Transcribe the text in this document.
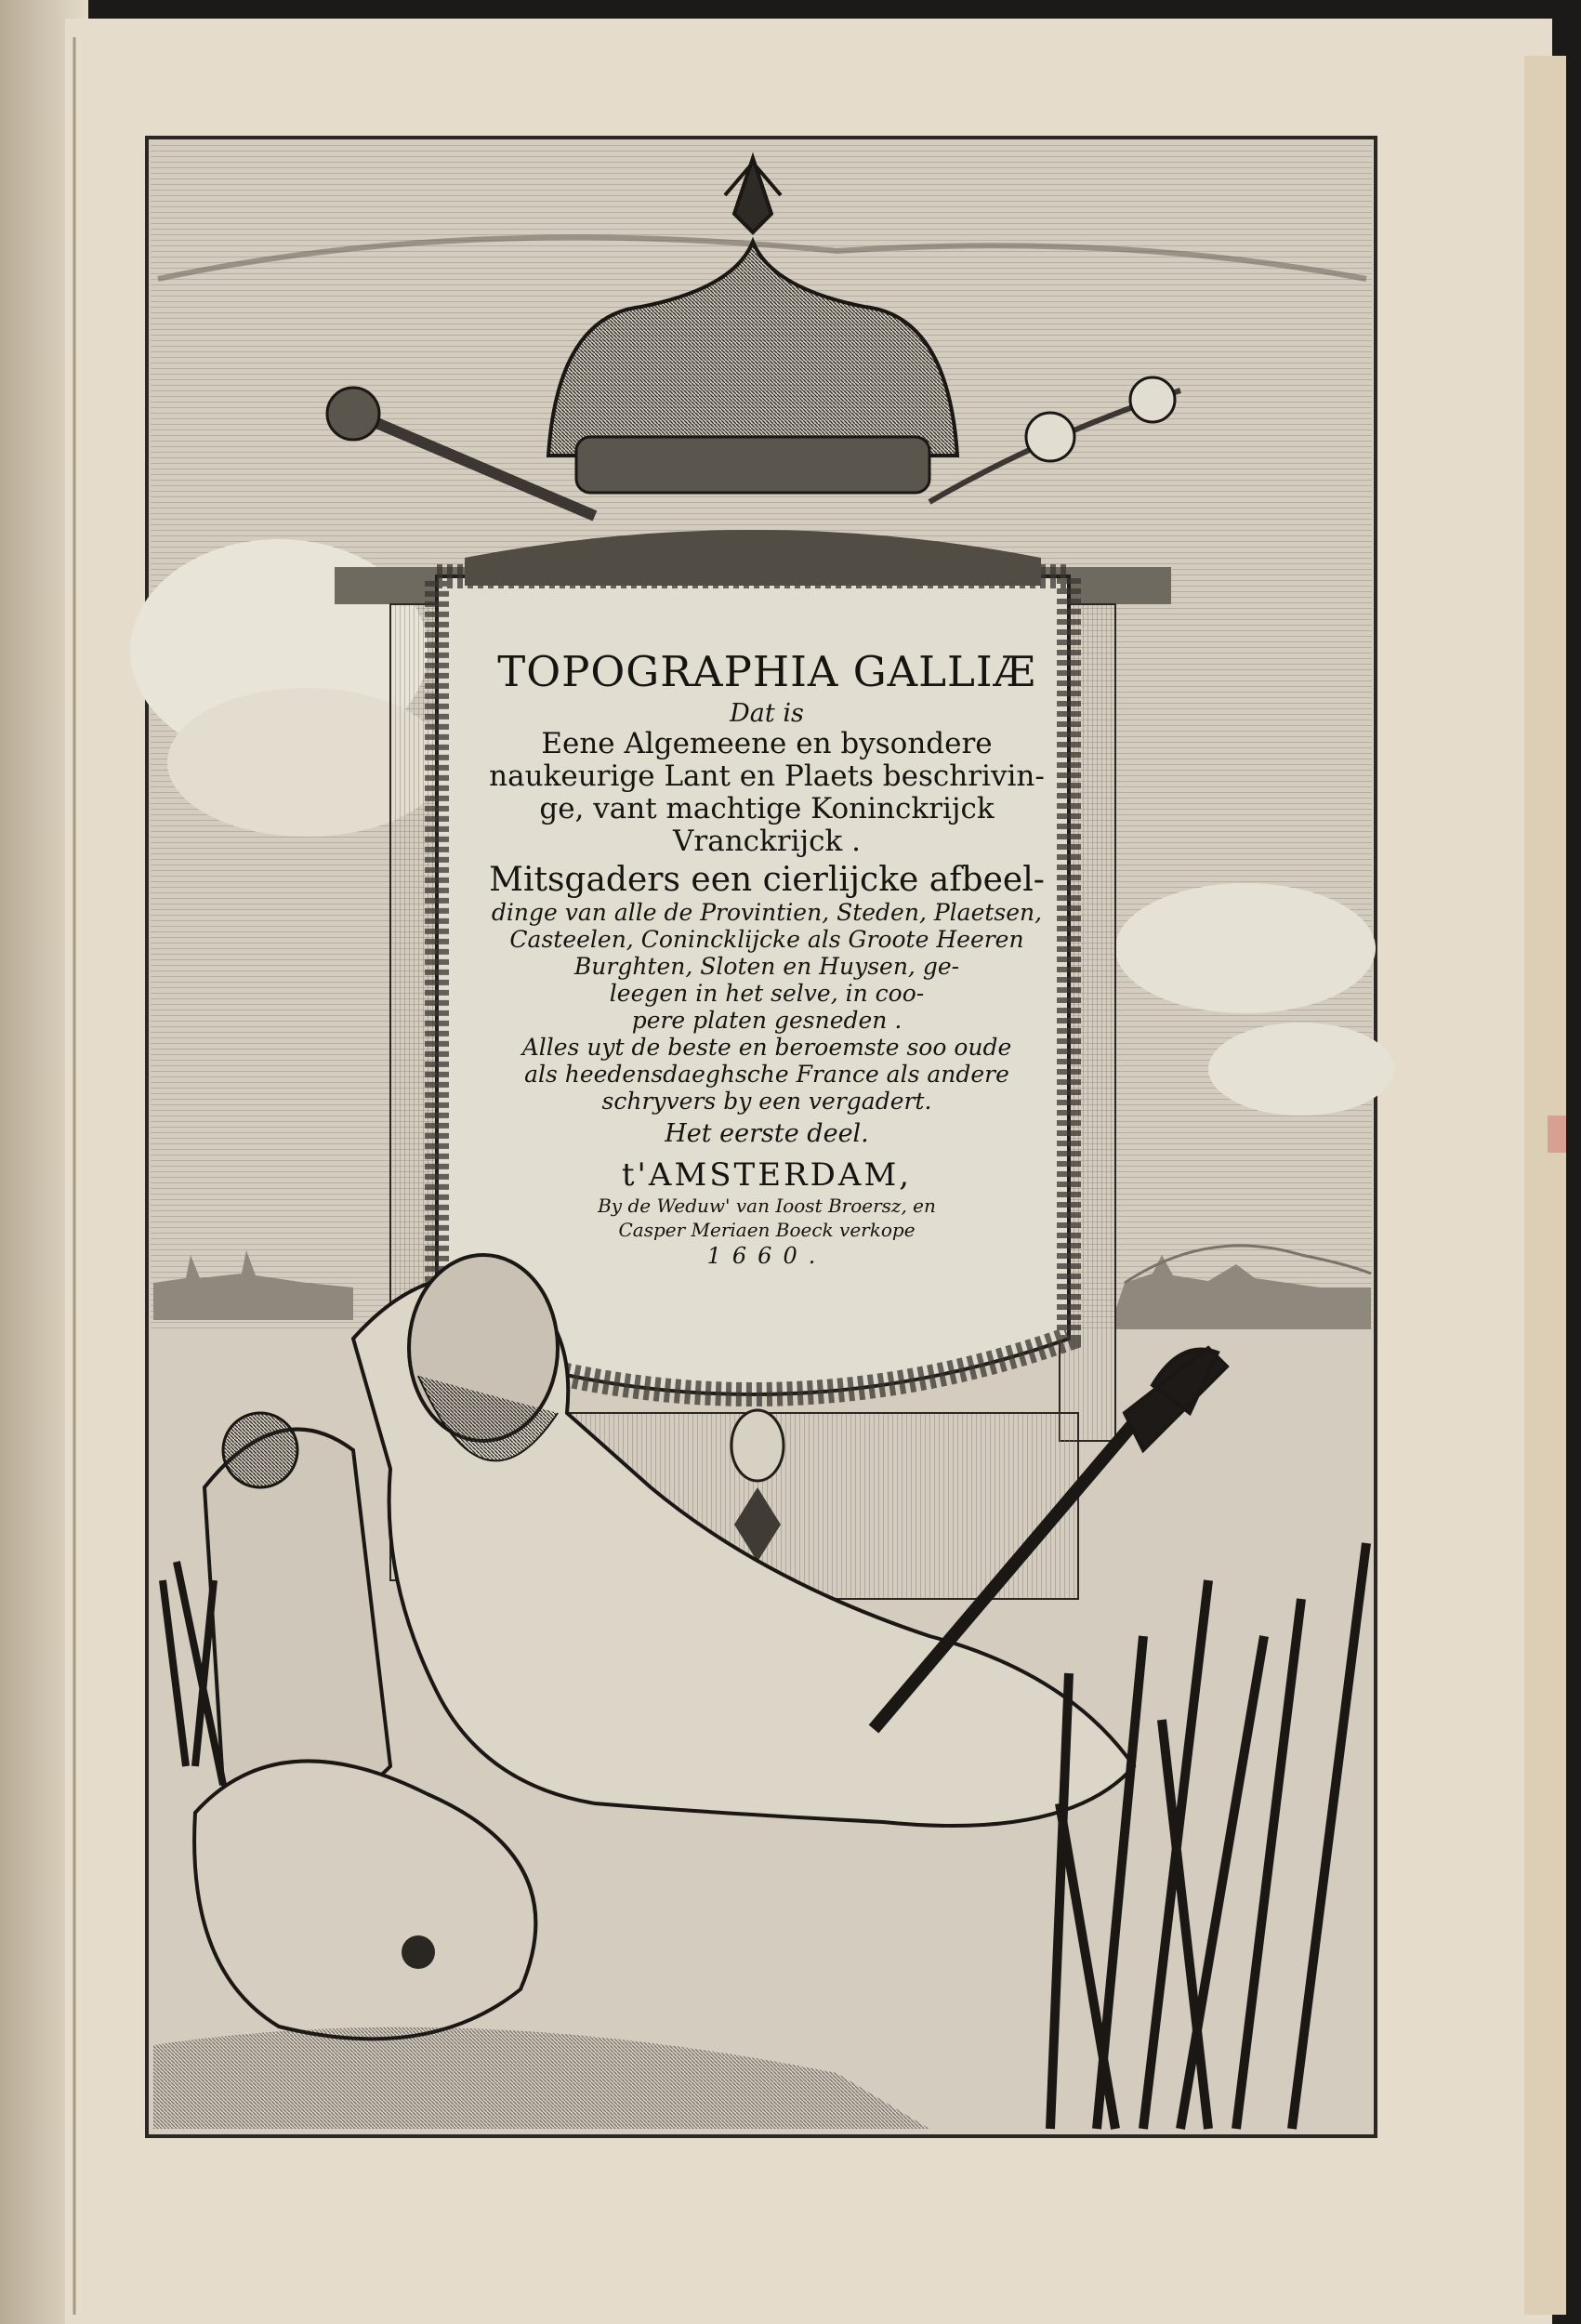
TOPOGRAPHIA GALLIÆ
Dat is
Eene Algemeene en bysondere
naukeurige Lant en Plaets beschrivin-
ge, vant machtige Koninckrijck
Vranckrijck .
Mitsgaders een cierlijcke afbeel-
dinge van alle de Provintien, Steden, Plaetsen,
Casteelen, Conincklijcke als Groote Heeren
Burghten, Sloten en Huysen, ge-
leegen in het selve, in coo-
pere platen gesneden .
Alles uyt de beste en beroemste soo oude
als heedensdaeghsche France als andere
schryvers by een vergadert.
Het eerste deel.
t'AMSTERDAM,
By de Weduw' van Ioost Broersz, en
Casper Meriaen Boeck verkope
1660.
